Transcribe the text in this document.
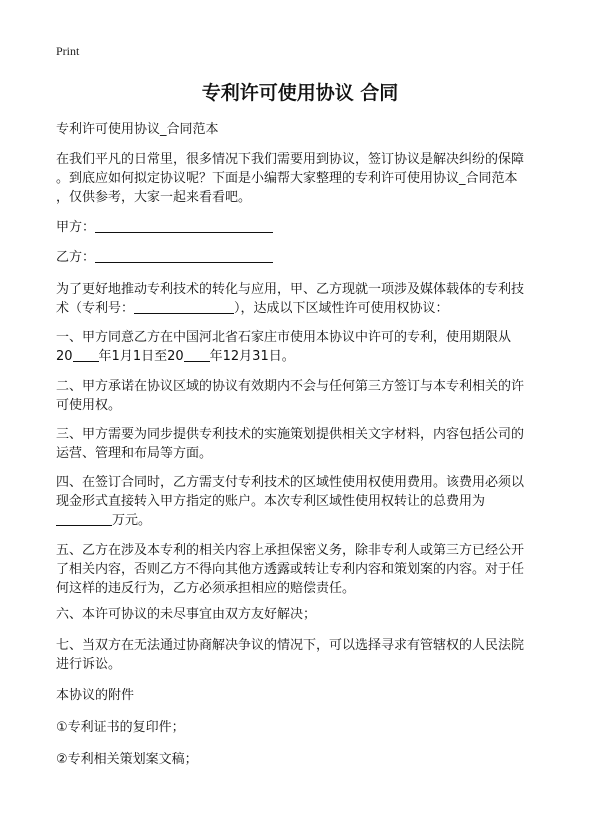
Print
专利许可使用协议 合同
专利许可使用协议_合同范本
在我们平凡的日常里，很多情况下我们需要用到协议，签订协议是解决纠纷的保障
。到底应如何拟定协议呢？下面是小编帮大家整理的专利许可使用协议_合同范本
，仅供参考，大家一起来看看吧。
甲方：
乙方：
为了更好地推动专利技术的转化与应用，甲、乙方现就一项涉及媒体载体的专利技
术（专利号：	），达成以下区域性许可使用权协议：
一、甲方同意乙方在中国河北省石家庄市使用本协议中许可的专利，使用期限从
20 年1月1日至20 年12月31日。
二、甲方承诺在协议区域的协议有效期内不会与任何第三方签订与本专利相关的许
可使用权。
三、甲方需要为同步提供专利技术的实施策划提供相关文字材料，内容包括公司的
运营、管理和布局等方面。
四、在签订合同时，乙方需支付专利技术的区域性使用权使用费用。该费用必须以
现金形式直接转入甲方指定的账户。本次专利区域性使用权转让的总费用为
万元。
五、乙方在涉及本专利的相关内容上承担保密义务，除非专利人或第三方已经公开
了相关内容，否则乙方不得向其他方透露或转让专利内容和策划案的内容。对于任
何这样的违反行为，乙方必须承担相应的赔偿责任。
六、本许可协议的未尽事宜由双方友好解决；
七、当双方在无法通过协商解决争议的情况下，可以选择寻求有管辖权的人民法院
进行诉讼。
本协议的附件
①专利证书的复印件；
②专利相关策划案文稿；
